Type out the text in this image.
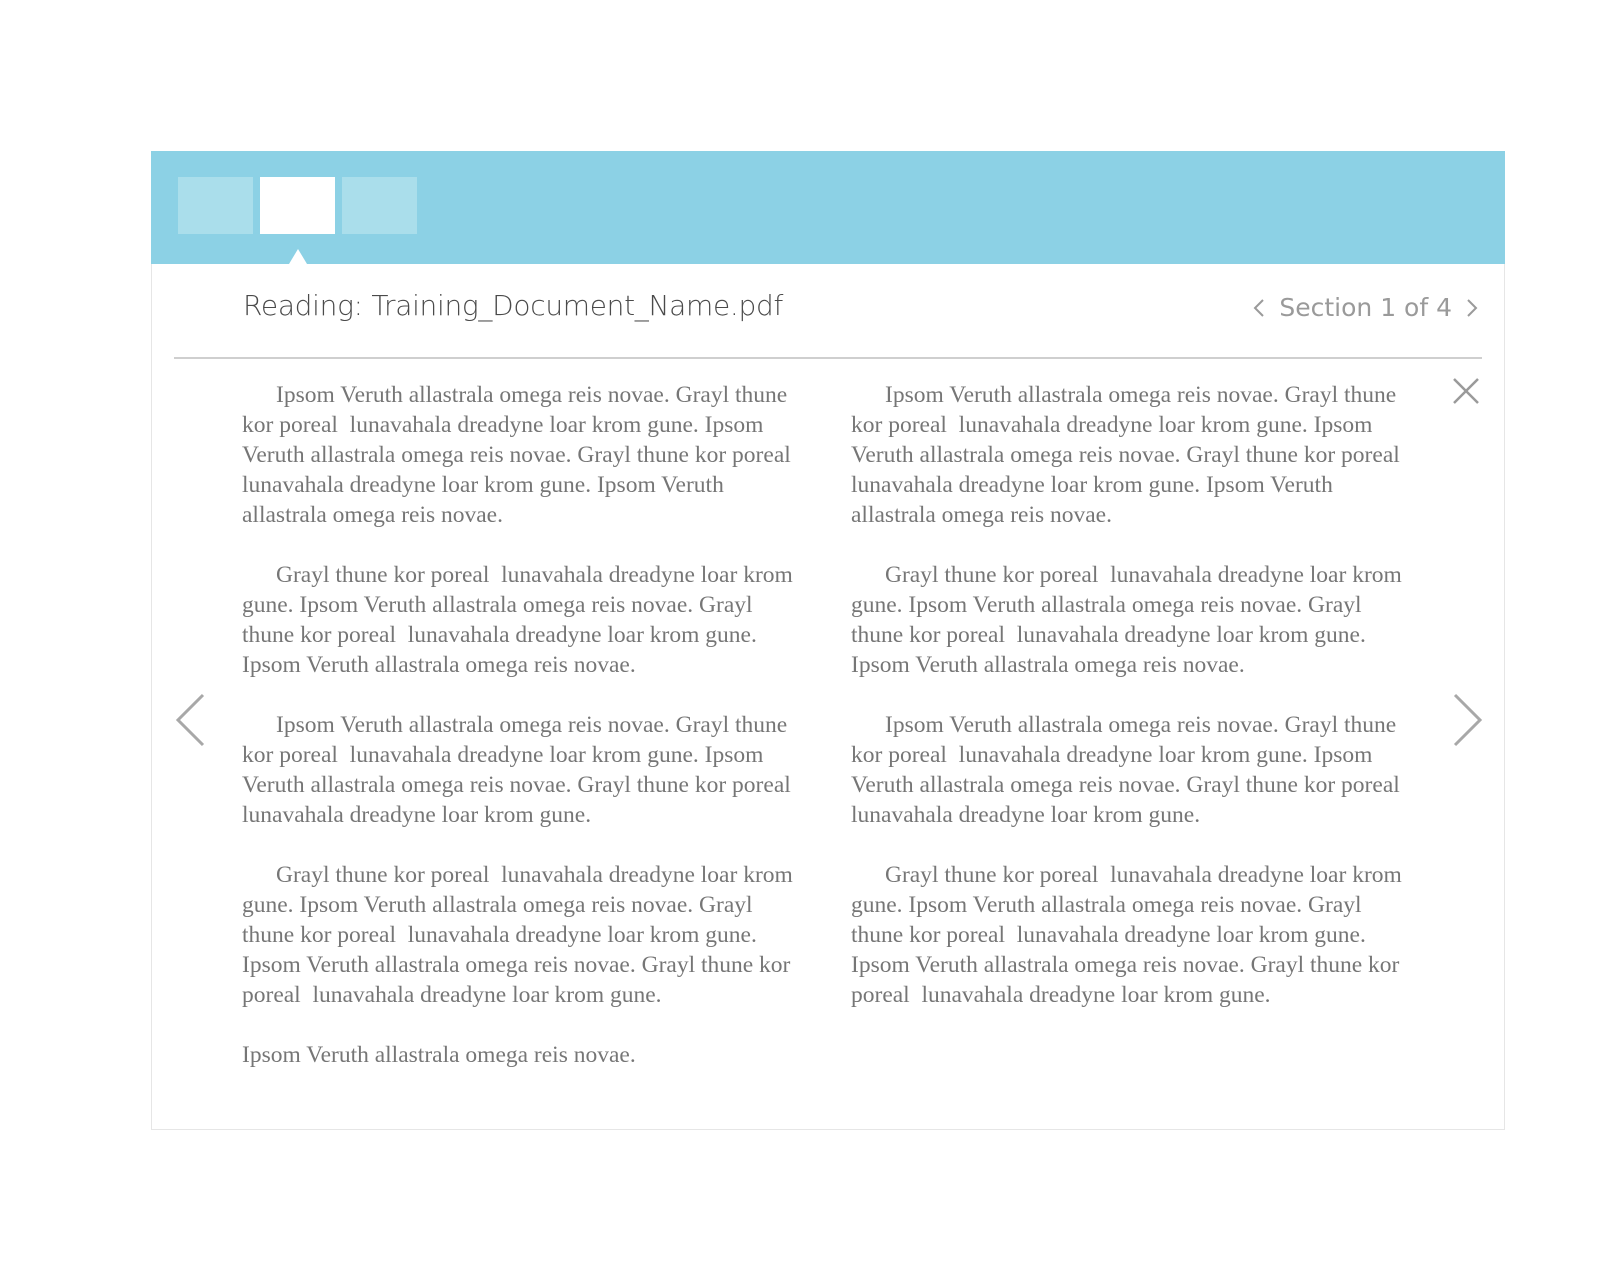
Reading: Training_Document_Name.pdf	Section 1 of 4

Ipsom Veruth allastrala omega reis novae. Grayl thune kor poreal  lunavahala dreadyne loar krom gune. Ipsom Veruth allastrala omega reis novae. Grayl thune kor poreal  lunavahala dreadyne loar krom gune. Ipsom Veruth allastrala omega reis novae.

Grayl thune kor poreal  lunavahala dreadyne loar krom gune. Ipsom Veruth allastrala omega reis novae. Grayl thune kor poreal  lunavahala dreadyne loar krom gune. Ipsom Veruth allastrala omega reis novae.

Ipsom Veruth allastrala omega reis novae. Grayl thune kor poreal  lunavahala dreadyne loar krom gune. Ipsom Veruth allastrala omega reis novae. Grayl thune kor poreal  lunavahala dreadyne loar krom gune.

Grayl thune kor poreal  lunavahala dreadyne loar krom gune. Ipsom Veruth allastrala omega reis novae. Grayl thune kor poreal  lunavahala dreadyne loar krom gune. Ipsom Veruth allastrala omega reis novae. Grayl thune kor poreal  lunavahala dreadyne loar krom gune.

Ipsom Veruth allastrala omega reis novae.

Ipsom Veruth allastrala omega reis novae. Grayl thune kor poreal  lunavahala dreadyne loar krom gune. Ipsom Veruth allastrala omega reis novae. Grayl thune kor poreal  lunavahala dreadyne loar krom gune. Ipsom Veruth allastrala omega reis novae.

Grayl thune kor poreal  lunavahala dreadyne loar krom gune. Ipsom Veruth allastrala omega reis novae. Grayl thune kor poreal  lunavahala dreadyne loar krom gune. Ipsom Veruth allastrala omega reis novae.

Ipsom Veruth allastrala omega reis novae. Grayl thune kor poreal  lunavahala dreadyne loar krom gune. Ipsom Veruth allastrala omega reis novae. Grayl thune kor poreal  lunavahala dreadyne loar krom gune.

Grayl thune kor poreal  lunavahala dreadyne loar krom gune. Ipsom Veruth allastrala omega reis novae. Grayl thune kor poreal  lunavahala dreadyne loar krom gune. Ipsom Veruth allastrala omega reis novae. Grayl thune kor poreal  lunavahala dreadyne loar krom gune.
